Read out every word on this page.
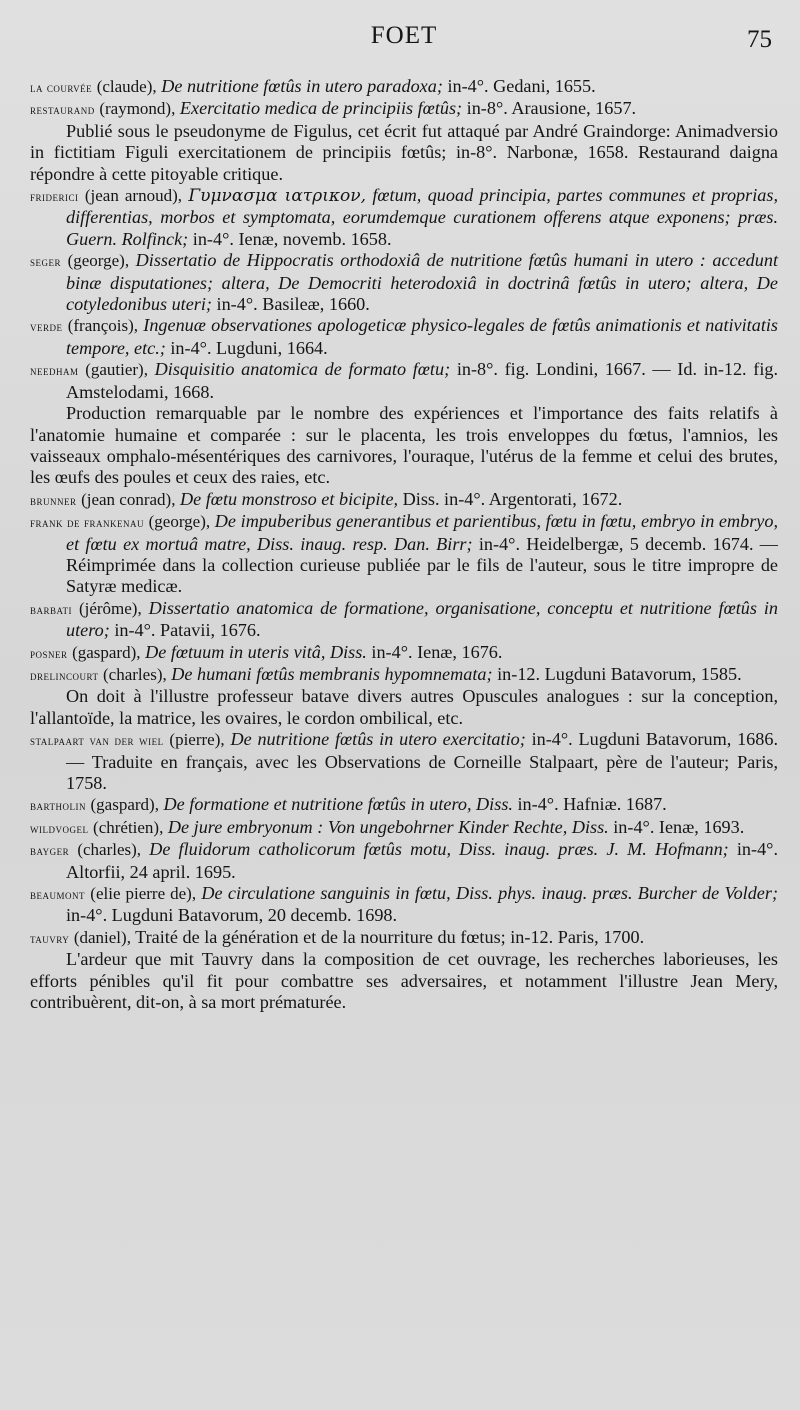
FOET	75

la courvée (claude), De nutritione fœtûs in utero paradoxa; in-4°. Gedani, 1655.

restaurand (raymond), Exercitatio medica de principiis fœtûs; in-8°. Arausione, 1657.

Publié sous le pseudonyme de Figulus, cet écrit fut attaqué par André Graindorge: Animadversio in fictitiam Figuli exercitationem de principiis fœtûs; in-8°. Narbonæ, 1658. Restaurand daigna répondre à cette pitoyable critique.

friderici (jean arnoud), Γυμνασμα ιατρικον, fœtum, quoad principia, partes communes et proprias, differentias, morbos et symptomata, eorumdemque curationem offerens atque exponens; præs. Guern. Rolfinck; in-4°. Ienæ, novemb. 1658.

seger (george), Dissertatio de Hippocratis orthodoxiâ de nutritione fœtûs humani in utero : accedunt binæ disputationes; altera, De Democriti heterodoxiâ in doctrinâ fœtûs in utero; altera, De cotyledonibus uteri; in-4°. Basileæ, 1660.

verde (françois), Ingenuæ observationes apologeticæ physico-legales de fœtûs animationis et nativitatis tempore, etc.; in-4°. Lugduni, 1664.

needham (gautier), Disquisitio anatomica de formato fœtu; in-8°. fig. Londini, 1667. — Id. in-12. fig. Amstelodami, 1668.

Production remarquable par le nombre des expériences et l'importance des faits relatifs à l'anatomie humaine et comparée : sur le placenta, les trois enveloppes du fœtus, l'amnios, les vaisseaux omphalo-mésentériques des carnivores, l'ouraque, l'utérus de la femme et celui des brutes, les œufs des poules et ceux des raies, etc.

brunner (jean conrad), De fœtu monstroso et bicipite, Diss. in-4°. Argentorati, 1672.

frank de frankenau (george), De impuberibus generantibus et parientibus, fœtu in fœtu, embryo in embryo, et fœtu ex mortuâ matre, Diss. inaug. resp. Dan. Birr; in-4°. Heidelbergæ, 5 decemb. 1674. — Réimprimée dans la collection curieuse publiée par le fils de l'auteur, sous le titre impropre de Satyræ medicæ.

barbati (jérôme), Dissertatio anatomica de formatione, organisatione, conceptu et nutritione fœtûs in utero; in-4°. Patavii, 1676.

posner (gaspard), De fœtuum in uteris vitâ, Diss. in-4°. Ienæ, 1676.

drelincourt (charles), De humani fœtûs membranis hypomnemata; in-12. Lugduni Batavorum, 1585.

On doit à l'illustre professeur batave divers autres Opuscules analogues : sur la conception, l'allantoïde, la matrice, les ovaires, le cordon ombilical, etc.

stalpaart van der wiel (pierre), De nutritione fœtûs in utero exercitatio; in-4°. Lugduni Batavorum, 1686. — Traduite en français, avec les Observations de Corneille Stalpaart, père de l'auteur; Paris, 1758.

bartholin (gaspard), De formatione et nutritione fœtûs in utero, Diss. in-4°. Hafniæ. 1687.

wildvogel (chrétien), De jure embryonum : Von ungebohrner Kinder Rechte, Diss. in-4°. Ienæ, 1693.

bayger (charles), De fluidorum catholicorum fœtûs motu, Diss. inaug. præs. J. M. Hofmann; in-4°. Altorfii, 24 april. 1695.

beaumont (elie pierre de), De circulatione sanguinis in fœtu, Diss. phys. inaug. præs. Burcher de Volder; in-4°. Lugduni Batavorum, 20 decemb. 1698.

tauvry (daniel), Traité de la génération et de la nourriture du fœtus; in-12. Paris, 1700.

L'ardeur que mit Tauvry dans la composition de cet ouvrage, les recherches laborieuses, les efforts pénibles qu'il fit pour combattre ses adversaires, et notamment l'illustre Jean Mery, contribuèrent, dit-on, à sa mort prématurée.
